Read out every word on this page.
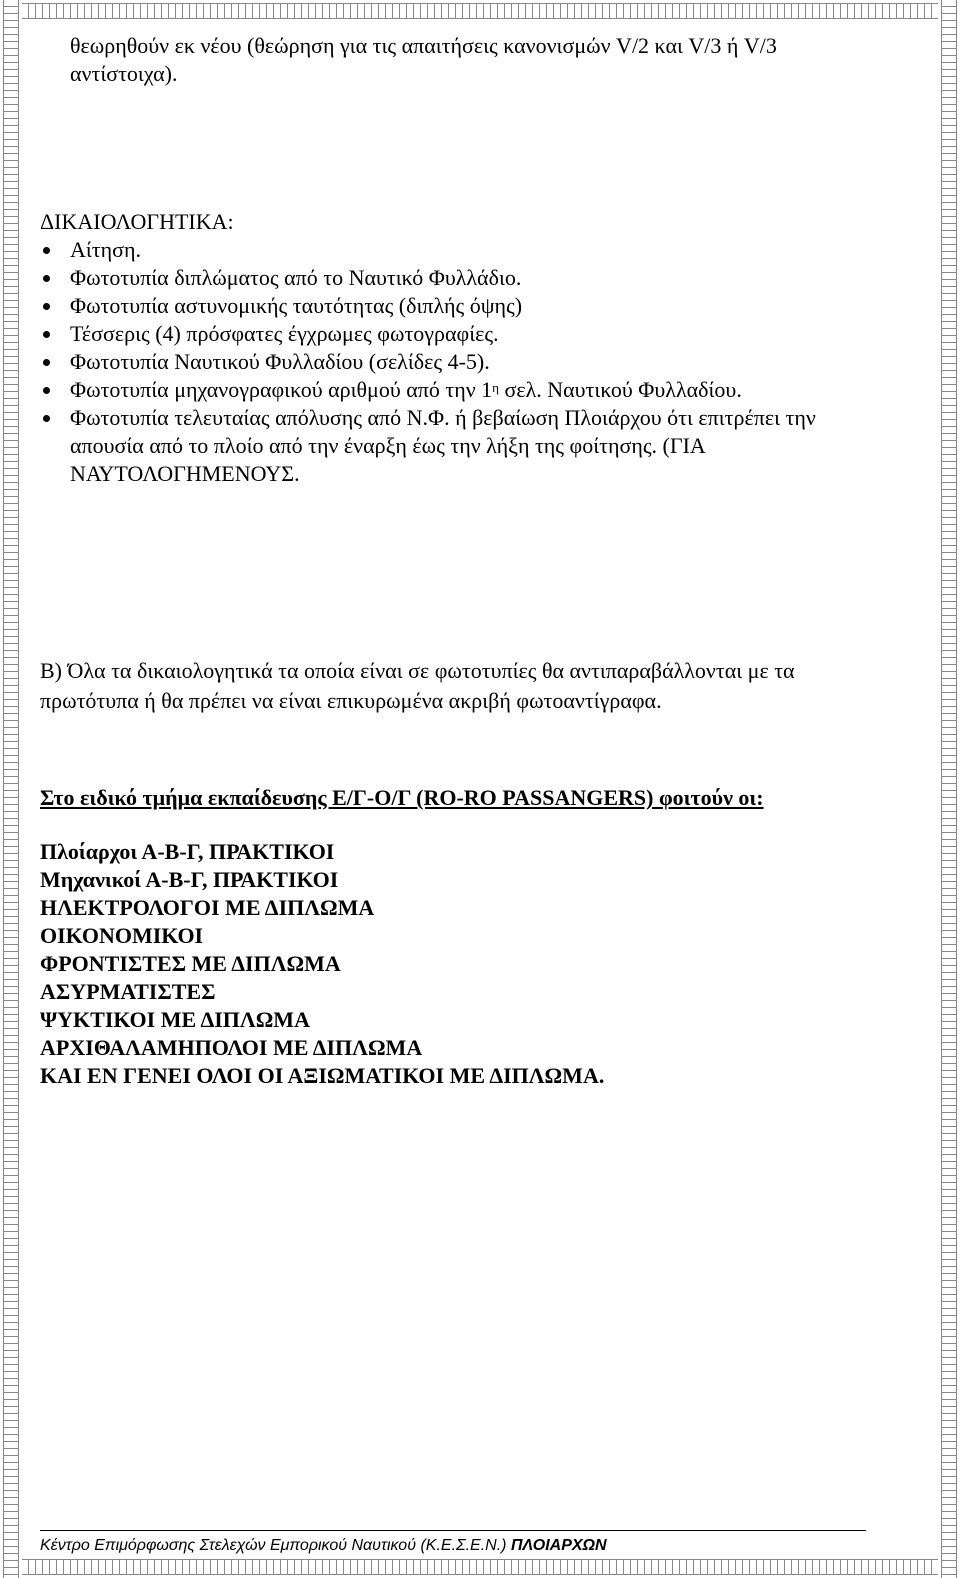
θεωρηθούν εκ νέου (θεώρηση για τις απαιτήσεις κανονισμών V/2 και V/3 ή V/3
αντίστοιχα).
ΔΙΚΑΙΟΛΟΓΗΤΙΚΑ:
Αίτηση.
Φωτοτυπία διπλώματος από το Ναυτικό Φυλλάδιο.
Φωτοτυπία αστυνομικής ταυτότητας (διπλής όψης)
Τέσσερις (4) πρόσφατες έγχρωμες φωτογραφίες.
Φωτοτυπία Ναυτικού Φυλλαδίου (σελίδες 4-5).
Φωτοτυπία μηχανογραφικού αριθμού από την $1^\eta$ σελ. Ναυτικού Φυλλαδίου.
Φωτοτυπία τελευταίας απόλυσης από Ν.Φ. ή βεβαίωση Πλοιάρχου ότι επιτρέπει την
απουσία από το πλοίο από την έναρξη έως την λήξη της φοίτησης. (ΓΙΑ
ΝΑΥΤΟΛΟΓΗΜΕΝΟΥΣ.
Β) Όλα τα δικαιολογητικά τα οποία είναι σε φωτοτυπίες θα αντιπαραβάλλονται με τα
πρωτότυπα ή θα πρέπει να είναι επικυρωμένα ακριβή φωτοαντίγραφα.
Στο ειδικό τμήμα εκπαίδευσης Ε/Γ-Ο/Γ (RO-RO PASSANGERS) φοιτούν οι:
Πλοίαρχοι Α-Β-Γ, ΠΡΑΚΤΙΚΟΙ
Μηχανικοί Α-Β-Γ, ΠΡΑΚΤΙΚΟΙ
ΗΛΕΚΤΡΟΛΟΓΟΙ ΜΕ ΔΙΠΛΩΜΑ
ΟΙΚΟΝΟΜΙΚΟΙ
ΦΡΟΝΤΙΣΤΕΣ ΜΕ ΔΙΠΛΩΜΑ
ΑΣΥΡΜΑΤΙΣΤΕΣ
ΨΥΚΤΙΚΟΙ ΜΕ ΔΙΠΛΩΜΑ
ΑΡΧΙΘΑΛΑΜΗΠΟΛΟΙ ΜΕ ΔΙΠΛΩΜΑ
ΚΑΙ ΕΝ ΓΕΝΕΙ ΟΛΟΙ ΟΙ ΑΞΙΩΜΑΤΙΚΟΙ ΜΕ ΔΙΠΛΩΜΑ.
Κέντρο Επιμόρφωσης Στελεχών Εμπορικού Ναυτικού (Κ.Ε.Σ.Ε.Ν.) ΠΛΟΙΑΡΧΩΝ
